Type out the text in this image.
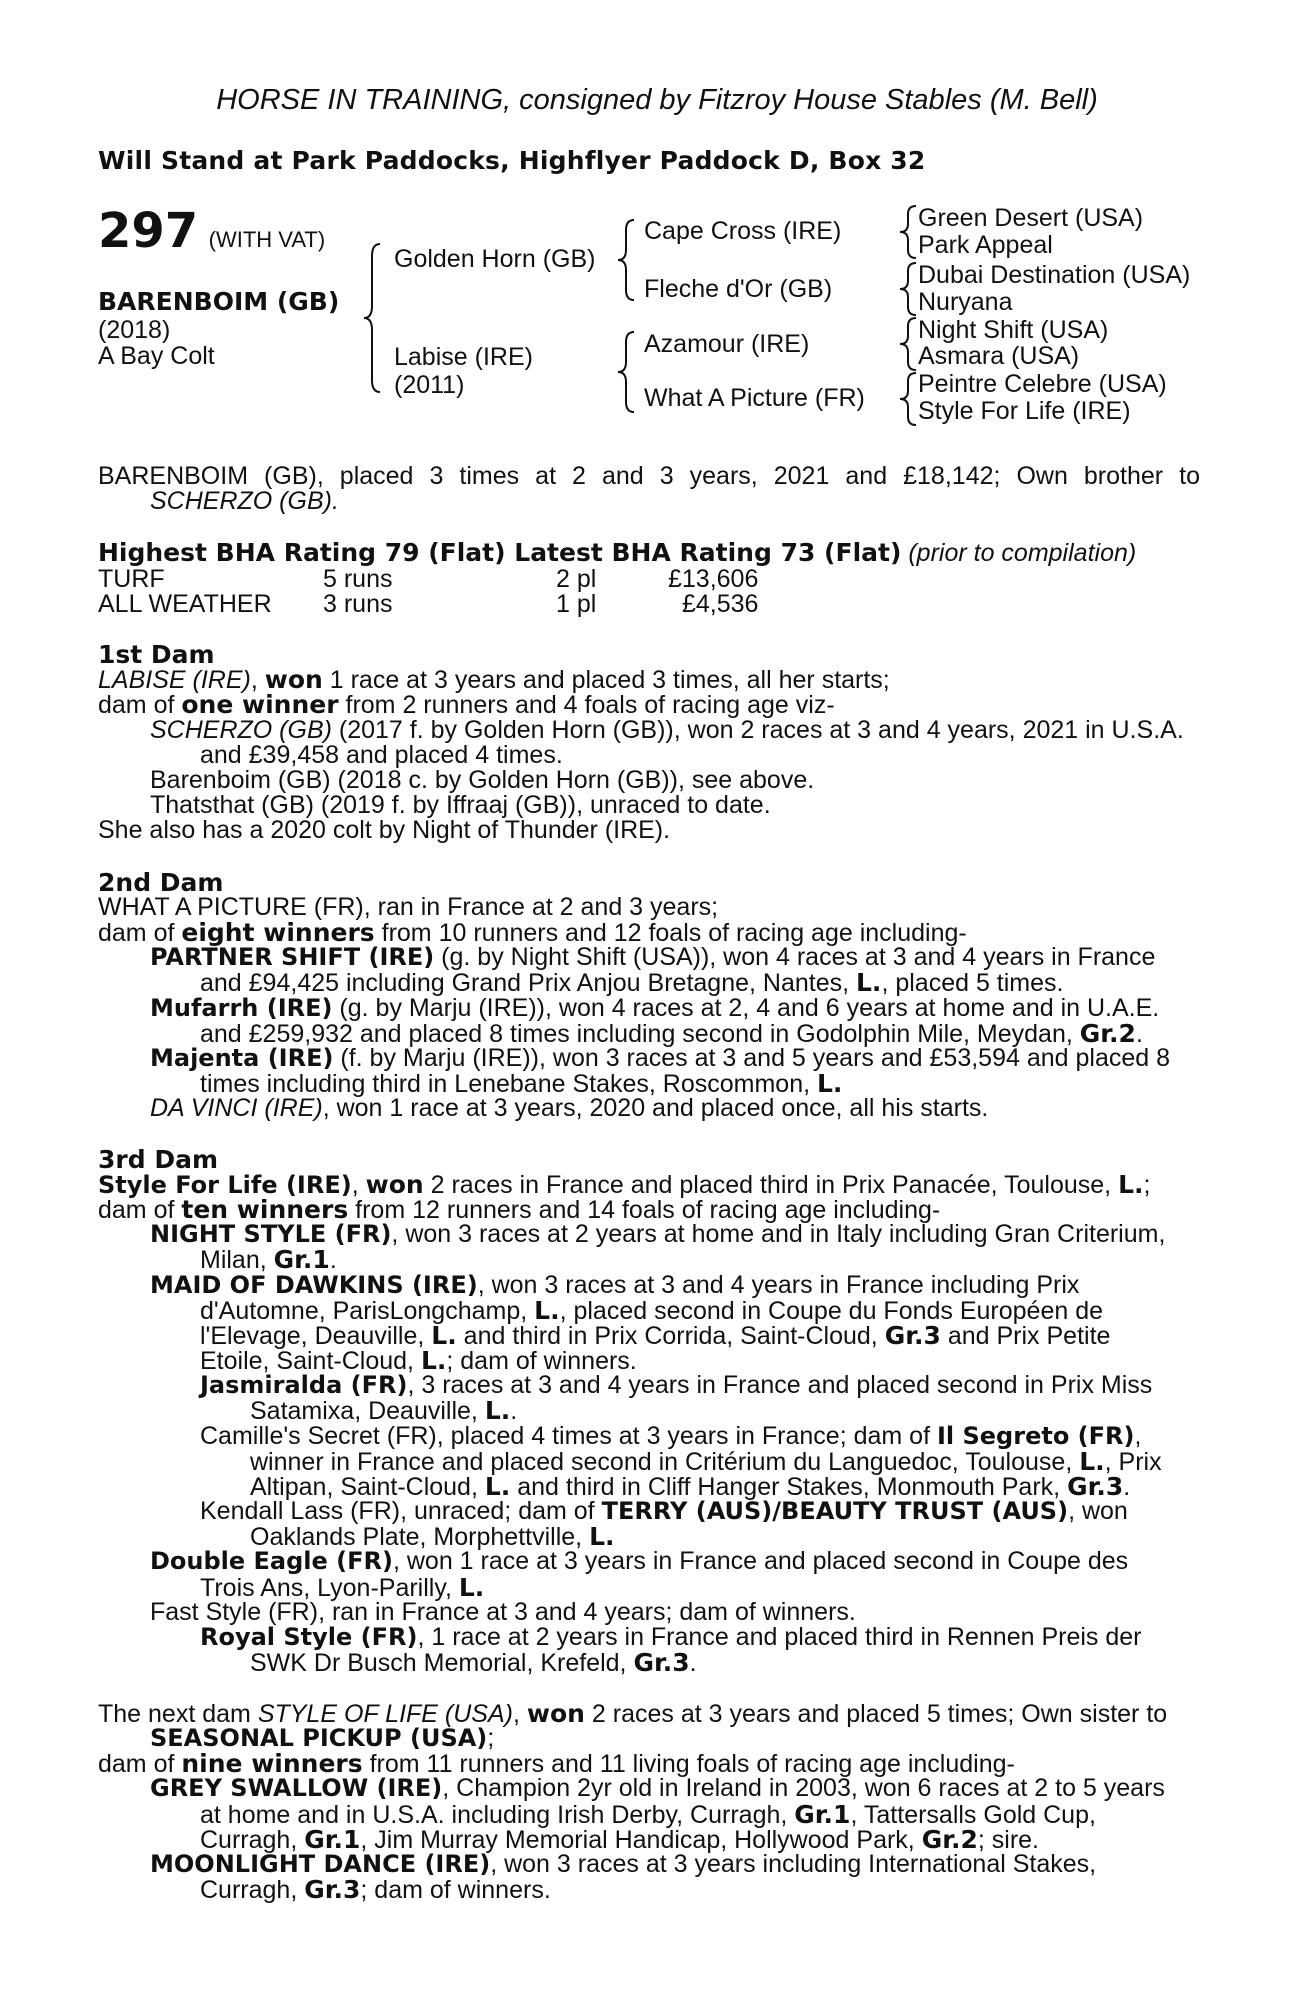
HORSE IN TRAINING, consigned by Fitzroy House Stables (M. Bell)
Will Stand at Park Paddocks, Highflyer Paddock D, Box 32
297 (WITH VAT)
BARENBOIM (GB)
(2018)
A Bay Colt
Golden Horn (GB)
Labise (IRE)
(2011)
Cape Cross (IRE)
Fleche d'Or (GB)
Azamour (IRE)
What A Picture (FR)
Green Desert (USA)
Park Appeal
Dubai Destination (USA)
Nuryana
Night Shift (USA)
Asmara (USA)
Peintre Celebre (USA)
Style For Life (IRE)
BARENBOIM (GB), placed 3 times at 2 and 3 years, 2021 and £18,142; Own brother to
SCHERZO (GB).
Highest BHA Rating 79 (Flat) Latest BHA Rating 73 (Flat) (prior to compilation)
TURF	5 runs	2 pl	£13,606
ALL WEATHER 3 runs	1 pl	£4,536
1st Dam
LABISE (IRE), won 1 race at 3 years and placed 3 times, all her starts;
dam of one winner from 2 runners and 4 foals of racing age viz-
SCHERZO (GB) (2017 f. by Golden Horn (GB)), won 2 races at 3 and 4 years, 2021 in U.S.A.
and £39,458 and placed 4 times.
Barenboim (GB) (2018 c. by Golden Horn (GB)), see above.
Thatsthat (GB) (2019 f. by Iffraaj (GB)), unraced to date.
She also has a 2020 colt by Night of Thunder (IRE).
2nd Dam
WHAT A PICTURE (FR), ran in France at 2 and 3 years;
dam of eight winners from 10 runners and 12 foals of racing age including-
PARTNER SHIFT (IRE) (g. by Night Shift (USA)), won 4 races at 3 and 4 years in France
and £94,425 including Grand Prix Anjou Bretagne, Nantes, L., placed 5 times.
Mufarrh (IRE) (g. by Marju (IRE)), won 4 races at 2, 4 and 6 years at home and in U.A.E.
and £259,932 and placed 8 times including second in Godolphin Mile, Meydan, Gr.2.
Majenta (IRE) (f. by Marju (IRE)), won 3 races at 3 and 5 years and £53,594 and placed 8
times including third in Lenebane Stakes, Roscommon, L.
DA VINCI (IRE), won 1 race at 3 years, 2020 and placed once, all his starts.
3rd Dam
Style For Life (IRE), won 2 races in France and placed third in Prix Panacée, Toulouse, L.;
dam of ten winners from 12 runners and 14 foals of racing age including-
NIGHT STYLE (FR), won 3 races at 2 years at home and in Italy including Gran Criterium,
Milan, Gr.1.
MAID OF DAWKINS (IRE), won 3 races at 3 and 4 years in France including Prix
d'Automne, ParisLongchamp, L., placed second in Coupe du Fonds Européen de
l'Elevage, Deauville, L. and third in Prix Corrida, Saint-Cloud, Gr.3 and Prix Petite
Etoile, Saint-Cloud, L.; dam of winners.
Jasmiralda (FR), 3 races at 3 and 4 years in France and placed second in Prix Miss
Satamixa, Deauville, L..
Camille's Secret (FR), placed 4 times at 3 years in France; dam of Il Segreto (FR),
winner in France and placed second in Critérium du Languedoc, Toulouse, L., Prix
Altipan, Saint-Cloud, L. and third in Cliff Hanger Stakes, Monmouth Park, Gr.3.
Kendall Lass (FR), unraced; dam of TERRY (AUS)/BEAUTY TRUST (AUS), won
Oaklands Plate, Morphettville, L.
Double Eagle (FR), won 1 race at 3 years in France and placed second in Coupe des
Trois Ans, Lyon-Parilly, L.
Fast Style (FR), ran in France at 3 and 4 years; dam of winners.
Royal Style (FR), 1 race at 2 years in France and placed third in Rennen Preis der
SWK Dr Busch Memorial, Krefeld, Gr.3.
The next dam STYLE OF LIFE (USA), won 2 races at 3 years and placed 5 times; Own sister to
SEASONAL PICKUP (USA);
dam of nine winners from 11 runners and 11 living foals of racing age including-
GREY SWALLOW (IRE), Champion 2yr old in Ireland in 2003, won 6 races at 2 to 5 years
at home and in U.S.A. including Irish Derby, Curragh, Gr.1, Tattersalls Gold Cup,
Curragh, Gr.1, Jim Murray Memorial Handicap, Hollywood Park, Gr.2; sire.
MOONLIGHT DANCE (IRE), won 3 races at 3 years including International Stakes,
Curragh, Gr.3; dam of winners.
